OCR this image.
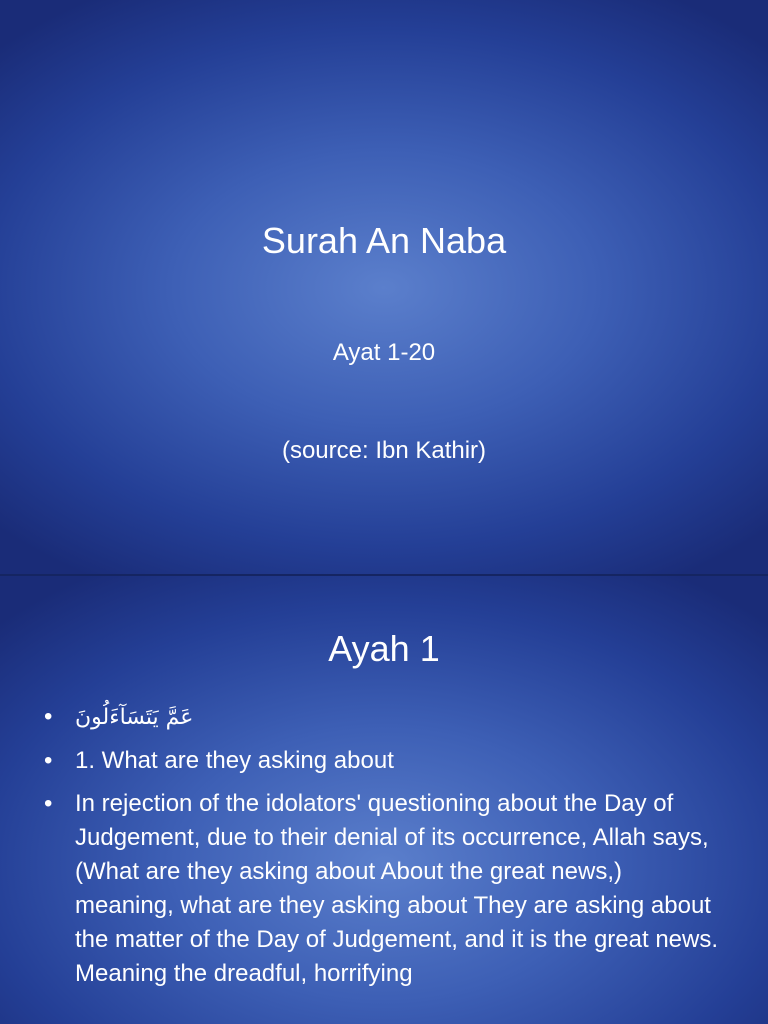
Surah An Naba
Ayat 1-20
(source: Ibn Kathir)
Ayah 1
• عَمَّ يَتَسَآءَلُونَ
• 1. What are they asking about
• In rejection of the idolators' questioning about the Day of Judgement, due to their denial of its occurrence, Allah says, (What are they asking about About the great news,) meaning, what are they asking about They are asking about the matter of the Day of Judgement, and it is the great news. Meaning the dreadful, horrifying
